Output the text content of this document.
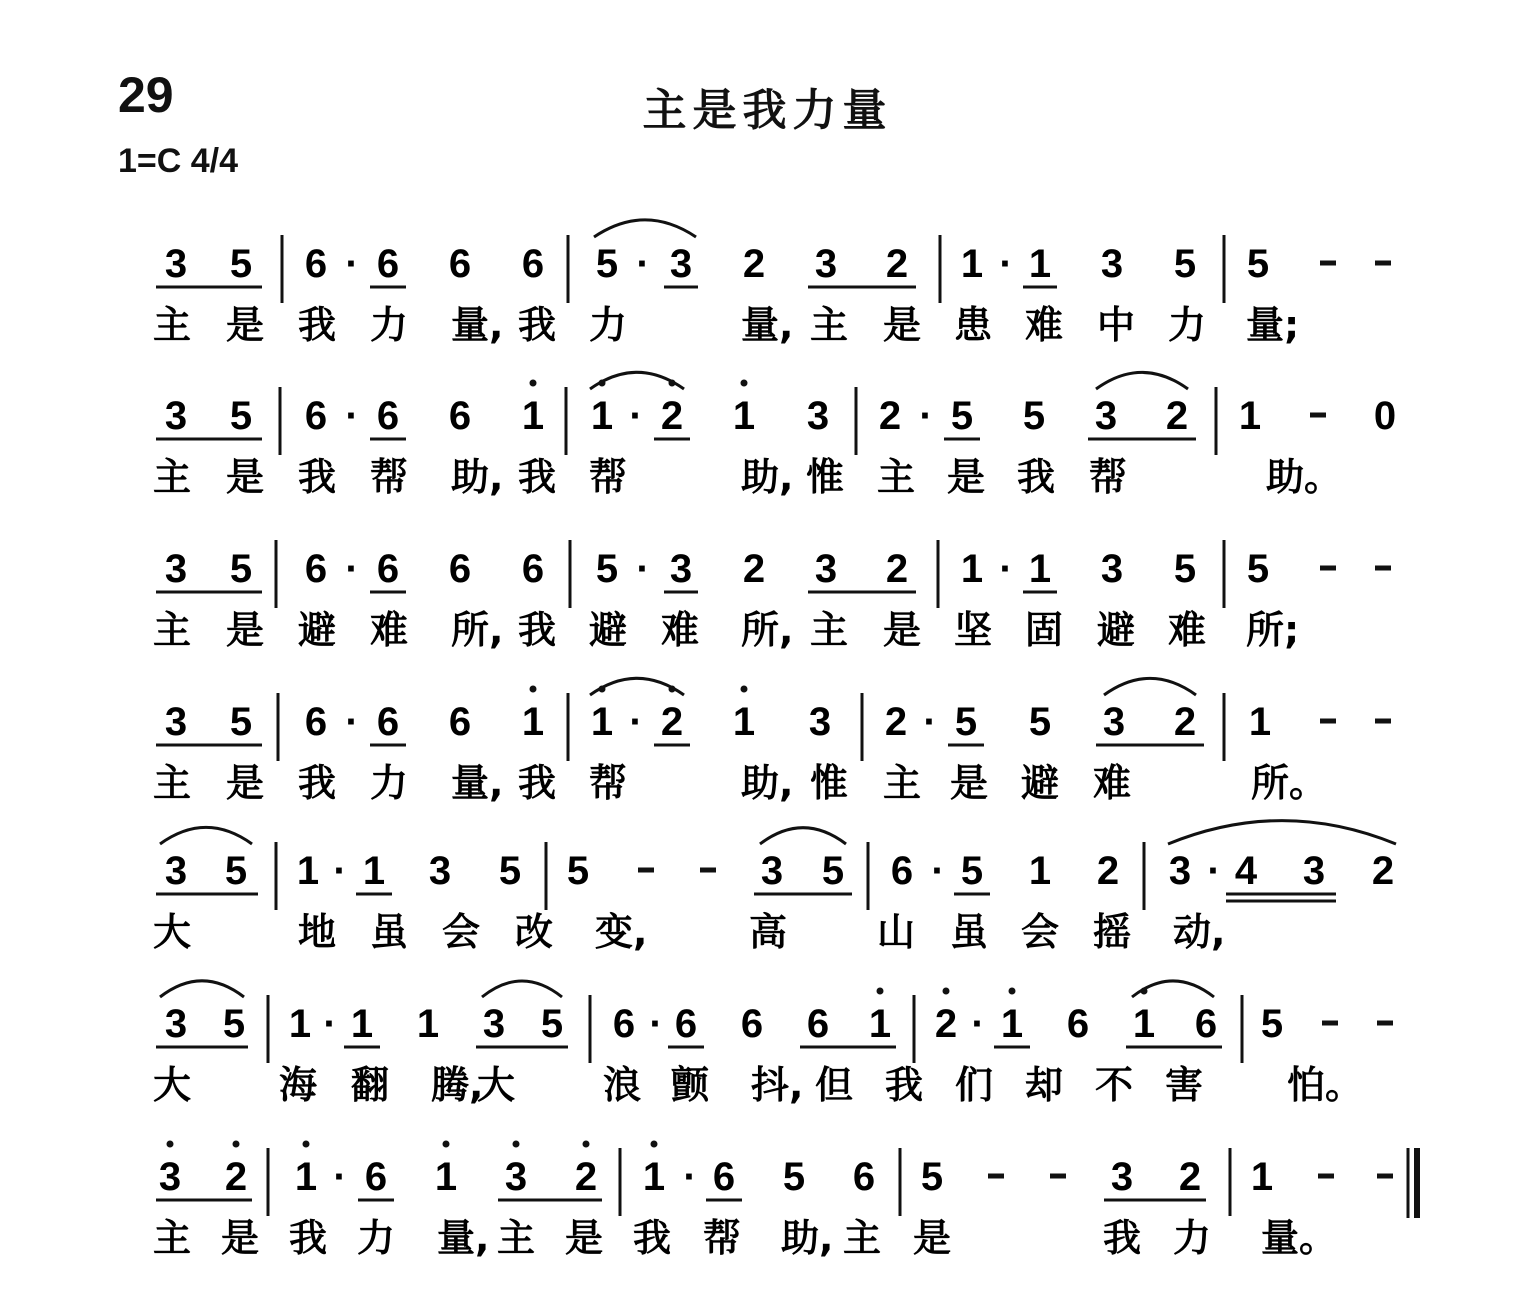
29	主是我力量
1=C 4/4
3 5 6 · 6 6 6 5 · 3 2 3 2 1 · 1 3 5 5
主 是 我 力 量, 我 力	量, 主 是 患 难 中 力 量;
3 5 6 · 6 6 1 1 · 2 1 3 2 · 5 5 3 2 1	0
主 是 我 帮 助, 我 帮	助, 惟 主 是 我 帮	助。
3 5 6 · 6 6 6 5 · 3 2 3 2 1 · 1 3 5 5
主 是 避 难 所, 我 避 难 所, 主 是 坚 固 避 难 所;
3 5 6 · 6 6 1 1 · 2 1 3 2 · 5 5 3 2 1
主 是 我 力 量, 我 帮	助, 惟 主 是 避 难	所。
3 5 1 · 1 3 5 5	3 5 6 · 5 1 2 3 · 4 3 2
大	地 虽 会 改 变,	高 山 虽 会 摇 动,
3 5 1 · 1 1 3 5 6 · 6 6 6 1 2 · 1 6 1 6 5
大 海 翻 腾,
大 浪 颤 抖, 但 我 们 却 不 害 怕。
3 2 1 · 6 1 3 2 1 · 6 5 6 5	3 2 1
主 是 我 力 量, 主 是 我 帮 助, 主 是	我 力 量。
